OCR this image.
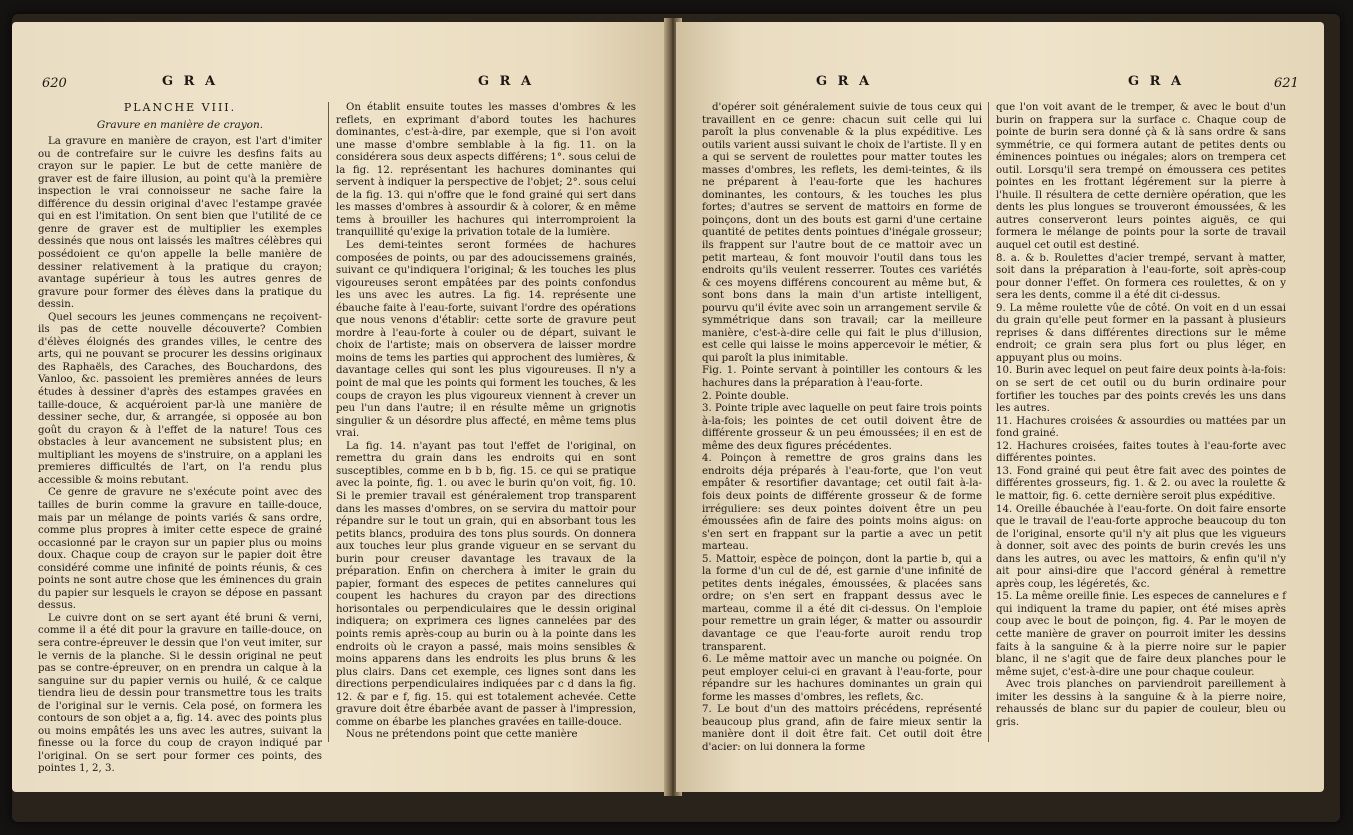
620	G R A	G R A
PLANCHE VIII.
Gravure en manière de crayon.

La gravure en manière de crayon, est l'art d'imiter ou de contrefaire sur le cuivre les desfins faits au crayon sur le papier. Le but de cette manière de graver est de faire illusion, au point qu'à la première inspection le vrai connoisseur ne sache faire la différence du dessin original d'avec l'estampe gravée qui en est l'imitation. On sent bien que l'utilité de ce genre de graver est de multiplier les exemples dessinés que nous ont laissés les maîtres célèbres qui possédoient ce qu'on appelle la belle manière de dessiner relativement à la pratique du crayon; avantage supérieur à tous les autres genres de gravure pour former des élèves dans la pratique du dessin.

Quel secours les jeunes commençans ne reçoivent-ils pas de cette nouvelle découverte? Combien d'élèves éloignés des grandes villes, le centre des arts, qui ne pouvant se procurer les dessins originaux des Raphaëls, des Caraches, des Bouchardons, des Vanloo, &c. passoient les premières années de leurs études à dessiner d'après des estampes gravées en taille-douce, & acquéroient par-là une manière de dessiner seche, dur, & arrangée, si opposée au bon goût du crayon & à l'effet de la nature! Tous ces obstacles à leur avancement ne subsistent plus; en multipliant les moyens de s'instruire, on a applani les premieres difficultés de l'art, on l'a rendu plus accessible & moins rebutant.

Ce genre de gravure ne s'exécute point avec des tailles de burin comme la gravure en taille-douce, mais par un mélange de points variés & sans ordre, comme plus propres à imiter cette espece de grainé occasionné par le crayon sur un papier plus ou moins doux. Chaque coup de crayon sur le papier doit être considéré comme une infinité de points réunis, & ces points ne sont autre chose que les éminences du grain du papier sur lesquels le crayon se dépose en passant dessus.

Le cuivre dont on se sert ayant été bruni & verni, comme il a été dit pour la gravure en taille-douce, on sera contre-épreuver le dessin que l'on veut imiter, sur le vernis de la planche. Si le dessin original ne peut pas se contre-épreuver, on en prendra un calque à la sanguine sur du papier vernis ou huilé, & ce calque tiendra lieu de dessin pour transmettre tous les traits de l'original sur le vernis. Cela posé, on formera les contours de son objet a a, fig. 14. avec des points plus ou moins empâtés les uns avec les autres, suivant la finesse ou la force du coup de crayon indiqué par l'original. On se sert pour former ces points, des pointes 1, 2, 3.

On établit ensuite toutes les masses d'ombres & les reflets, en exprimant d'abord toutes les hachures dominantes, c'est-à-dire, par exemple, que si l'on avoit une masse d'ombre semblable à la fig. 11. on la considérera sous deux aspects différens; 1°. sous celui de la fig. 12. représentant les hachures dominantes qui servent à indiquer la perspective de l'objet; 2°. sous celui de la fig. 13. qui n'offre que le fond grainé qui sert dans les masses d'ombres à assourdir & à colorer, & en même tems à brouiller les hachures qui interromproient la tranquillité qu'exige la privation totale de la lumière.

Les demi-teintes seront formées de hachures composées de points, ou par des adoucissemens grainés, suivant ce qu'indiquera l'original; & les touches les plus vigoureuses seront empâtées par des points confondus les uns avec les autres. La fig. 14. représente une ébauche faite à l'eau-forte, suivant l'ordre des opérations que nous venons d'établir: cette sorte de gravure peut mordre à l'eau-forte à couler ou de départ, suivant le choix de l'artiste; mais on observera de laisser mordre moins de tems les parties qui approchent des lumières, & davantage celles qui sont les plus vigoureuses. Il n'y a point de mal que les points qui forment les touches, & les coups de crayon les plus vigoureux viennent à crever un peu l'un dans l'autre; il en résulte même un grignotis singulier & un désordre plus affecté, en même tems plus vrai.

La fig. 14. n'ayant pas tout l'effet de l'original, on remettra du grain dans les endroits qui en sont susceptibles, comme en b b b, fig. 15. ce qui se pratique avec la pointe, fig. 1. ou avec le burin qu'on voit, fig. 10. Si le premier travail est généralement trop transparent dans les masses d'ombres, on se servira du mattoir pour répandre sur le tout un grain, qui en absorbant tous les petits blancs, produira des tons plus sourds. On donnera aux touches leur plus grande vigueur en se servant du burin pour creuser davantage les travaux de la préparation. Enfin on cherchera à imiter le grain du papier, formant des especes de petites cannelures qui coupent les hachures du crayon par des directions horisontales ou perpendiculaires que le dessin original indiquera; on exprimera ces lignes cannelées par des points remis après-coup au burin ou à la pointe dans les endroits où le crayon a passé, mais moins sensibles & moins apparens dans les endroits les plus bruns & les plus clairs. Dans cet exemple, ces lignes sont dans les directions perpendiculaires indiquées par c d dans la fig. 12. & par e f, fig. 15. qui est totalement achevée. Cette gravure doit être ébarbée avant de passer à l'impression, comme on ébarbe les planches gravées en taille-douce.

Nous ne prétendons point que cette manière

G R A	G R A	621

d'opérer soit généralement suivie de tous ceux qui travaillent en ce genre: chacun suit celle qui lui paroît la plus convenable & la plus expéditive. Les outils varient aussi suivant le choix de l'artiste. Il y en a qui se servent de roulettes pour matter toutes les masses d'ombres, les reflets, les demi-teintes, & ils ne préparent à l'eau-forte que les hachures dominantes, les contours, & les touches les plus fortes; d'autres se servent de mattoirs en forme de poinçons, dont un des bouts est garni d'une certaine quantité de petites dents pointues d'inégale grosseur; ils frappent sur l'autre bout de ce mattoir avec un petit marteau, & font mouvoir l'outil dans tous les endroits qu'ils veulent resserrer. Toutes ces variétés & ces moyens différens concourent au même but, & sont bons dans la main d'un artiste intelligent, pourvu qu'il évite avec soin un arrangement servile & symmétrique dans son travail; car la meilleure manière, c'est-à-dire celle qui fait le plus d'illusion, est celle qui laisse le moins appercevoir le métier, & qui paroît la plus inimitable.

Fig. 1. Pointe servant à pointiller les contours & les hachures dans la préparation à l'eau-forte.

2. Pointe double.

3. Pointe triple avec laquelle on peut faire trois points à-la-fois; les pointes de cet outil doivent être de différente grosseur & un peu émoussées; il en est de même des deux figures précédentes.

4. Poinçon à remettre de gros grains dans les endroits déja préparés à l'eau-forte, que l'on veut empâter & resortifier davantage; cet outil fait à-la-fois deux points de différente grosseur & de forme irréguliere: ses deux pointes doivent être un peu émoussées afin de faire des points moins aigus: on s'en sert en frappant sur la partie a avec un petit marteau.

5. Mattoir, espèce de poinçon, dont la partie b, qui a la forme d'un cul de dé, est garnie d'une infinité de petites dents inégales, émoussées, & placées sans ordre; on s'en sert en frappant dessus avec le marteau, comme il a été dit ci-dessus. On l'emploie pour remettre un grain léger, & matter ou assourdir davantage ce que l'eau-forte auroit rendu trop transparent.

6. Le même mattoir avec un manche ou poignée. On peut employer celui-ci en gravant à l'eau-forte, pour répandre sur les hachures dominantes un grain qui forme les masses d'ombres, les reflets, &c.

7. Le bout d'un des mattoirs précédens, représenté beaucoup plus grand, afin de faire mieux sentir la manière dont il doit être fait. Cet outil doit être d'acier: on lui donnera la forme

que l'on voit avant de le tremper, & avec le bout d'un burin on frappera sur la surface c. Chaque coup de pointe de burin sera donné çà & là sans ordre & sans symmétrie, ce qui formera autant de petites dents ou éminences pointues ou inégales; alors on trempera cet outil. Lorsqu'il sera trempé on émoussera ces petites pointes en les frottant légérement sur la pierre à l'huile. Il résultera de cette dernière opération, que les dents les plus longues se trouveront émoussées, & les autres conserveront leurs pointes aiguës, ce qui formera le mélange de points pour la sorte de travail auquel cet outil est destiné.

8. a. & b. Roulettes d'acier trempé, servant à matter, soit dans la préparation à l'eau-forte, soit après-coup pour donner l'effet. On formera ces roulettes, & on y sera les dents, comme il a été dit ci-dessus.

9. La même roulette vûe de côté. On voit en d un essai du grain qu'elle peut former en la passant à plusieurs reprises & dans différentes directions sur le même endroit; ce grain sera plus fort ou plus léger, en appuyant plus ou moins.

10. Burin avec lequel on peut faire deux points à-la-fois: on se sert de cet outil ou du burin ordinaire pour fortifier les touches par des points crevés les uns dans les autres.

11. Hachures croisées & assourdies ou mattées par un fond grainé.

12. Hachures croisées, faites toutes à l'eau-forte avec différentes pointes.

13. Fond grainé qui peut être fait avec des pointes de différentes grosseurs, fig. 1. & 2. ou avec la roulette & le mattoir, fig. 6. cette dernière seroit plus expéditive.

14. Oreille ébauchée à l'eau-forte. On doit faire ensorte que le travail de l'eau-forte approche beaucoup du ton de l'original, ensorte qu'il n'y ait plus que les vigueurs à donner, soit avec des points de burin crevés les uns dans les autres, ou avec les mattoirs, & enfin qu'il n'y ait pour ainsi-dire que l'accord général à remettre après coup, les légéretés, &c.

15. La même oreille finie. Les especes de cannelures e f qui indiquent la trame du papier, ont été mises après coup avec le bout de poinçon, fig. 4. Par le moyen de cette manière de graver on pourroit imiter les dessins faits à la sanguine & à la pierre noire sur le papier blanc, il ne s'agit que de faire deux planches pour le même sujet, c'est-à-dire une pour chaque couleur.

Avec trois planches on parviendroit pareillement à imiter les dessins à la sanguine & à la pierre noire, rehaussés de blanc sur du papier de couleur, bleu ou gris.
